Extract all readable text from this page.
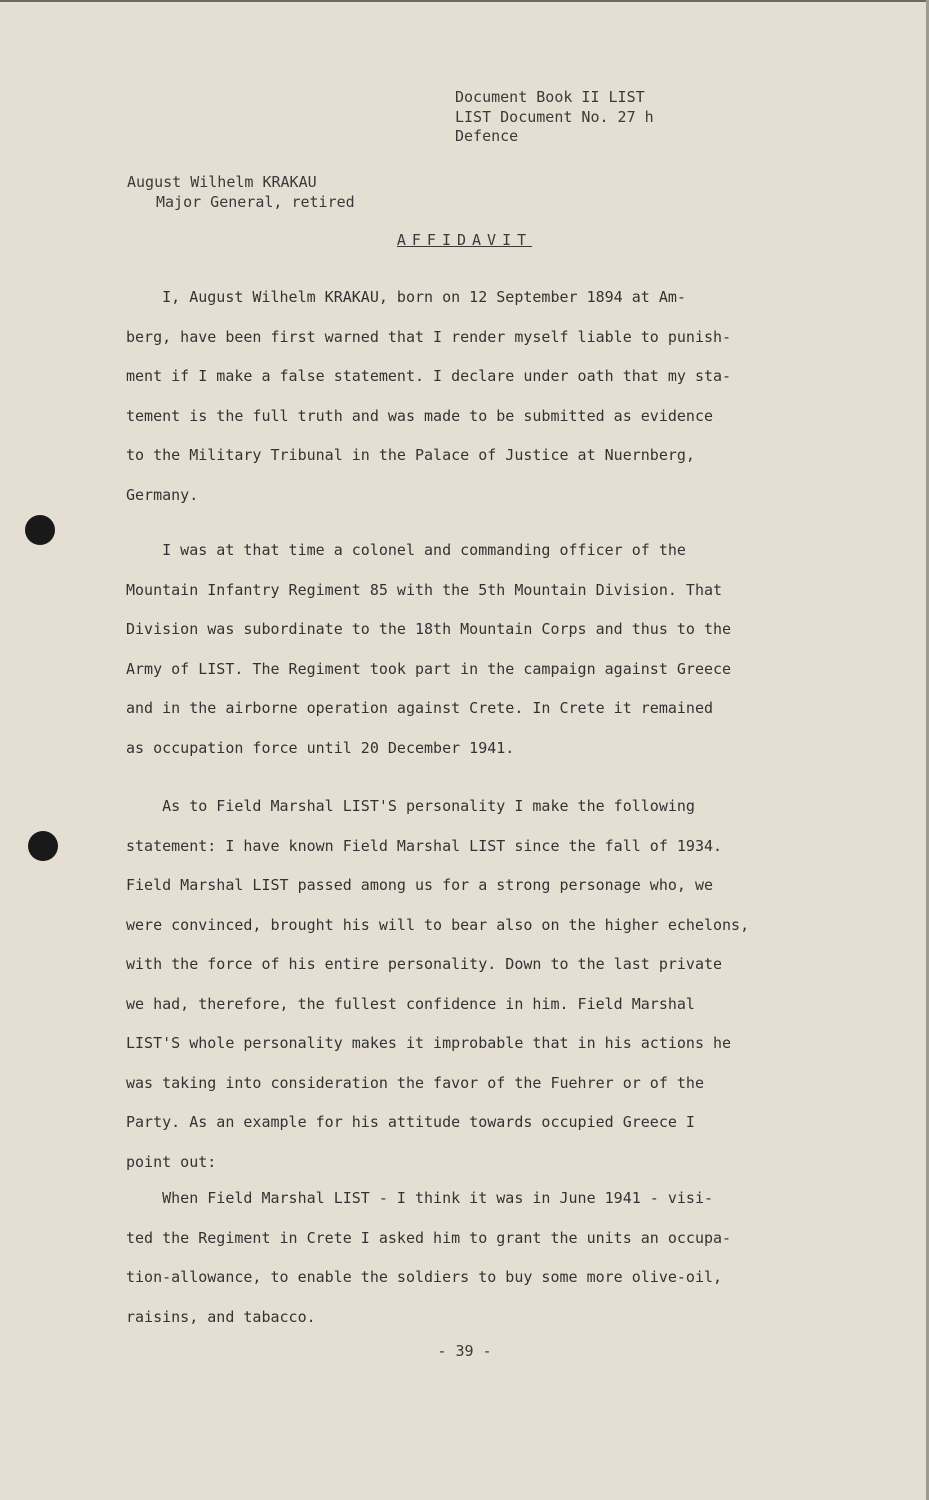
Document Book II LIST
LIST Document No. 27 h
Defence
August Wilhelm KRAKAU
Major General, retired
AFFIDAVIT
I, August Wilhelm KRAKAU, born on 12 September 1894 at Am-
berg, have been first warned that I render myself liable to punish-
ment if I make a false statement. I declare under oath that my sta-
tement is the full truth and was made to be submitted as evidence
to the Military Tribunal in the Palace of Justice at Nuernberg,
Germany.
I was at that time a colonel and commanding officer of the
Mountain Infantry Regiment 85 with the 5th Mountain Division. That
Division was subordinate to the 18th Mountain Corps and thus to the
Army of LIST. The Regiment took part in the campaign against Greece
and in the airborne operation against Crete. In Crete it remained
as occupation force until 20 December 1941.
As to Field Marshal LIST'S personality I make the following
statement: I have known Field Marshal LIST since the fall of 1934.
Field Marshal LIST passed among us for a strong personage who, we
were convinced, brought his will to bear also on the higher echelons,
with the force of his entire personality. Down to the last private
we had, therefore, the fullest confidence in him. Field Marshal
LIST'S whole personality makes it improbable that in his actions he
was taking into consideration the favor of the Fuehrer or of the
Party. As an example for his attitude towards occupied Greece I
point out:
When Field Marshal LIST - I think it was in June 1941 - visi-
ted the Regiment in Crete I asked him to grant the units an occupa-
tion-allowance, to enable the soldiers to buy some more olive-oil,
raisins, and tabacco.
- 39 -
